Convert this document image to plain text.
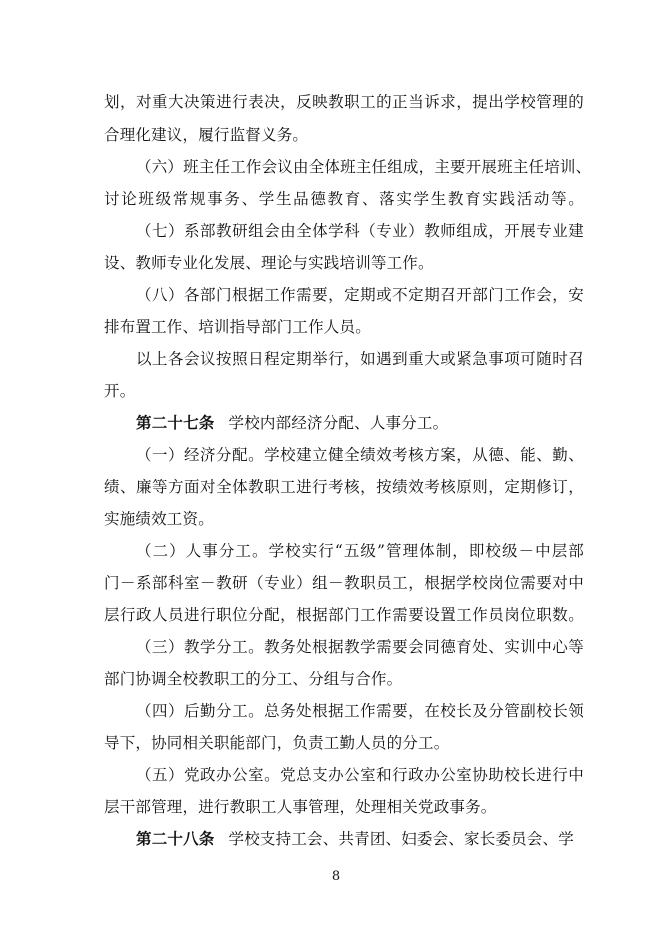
划，对重大决策进行表决，反映教职工的正当诉求，提出学校管理的
合理化建议，履行监督义务。
（六）班主任工作会议由全体班主任组成，主要开展班主任培训、
讨论班级常规事务、学生品德教育、落实学生教育实践活动等。
（七）系部教研组会由全体学科（专业）教师组成，开展专业建
设、教师专业化发展、理论与实践培训等工作。
（八）各部门根据工作需要，定期或不定期召开部门工作会，安
排布置工作、培训指导部门工作人员。
以上各会议按照日程定期举行，如遇到重大或紧急事项可随时召
开。
第二十七条 学校内部经济分配、人事分工。
（一）经济分配。学校建立健全绩效考核方案，从德、能、勤、
绩、廉等方面对全体教职工进行考核，按绩效考核原则，定期修订，
实施绩效工资。
（二）人事分工。学校实行“五级”管理体制，即校级－中层部
门－系部科室－教研（专业）组－教职员工，根据学校岗位需要对中
层行政人员进行职位分配，根据部门工作需要设置工作员岗位职数。
（三）教学分工。教务处根据教学需要会同德育处、实训中心等
部门协调全校教职工的分工、分组与合作。
（四）后勤分工。总务处根据工作需要，在校长及分管副校长领
导下，协同相关职能部门，负责工勤人员的分工。
（五）党政办公室。党总支办公室和行政办公室协助校长进行中
层干部管理，进行教职工人事管理，处理相关党政事务。
第二十八条 学校支持工会、共青团、妇委会、家长委员会、学
8
